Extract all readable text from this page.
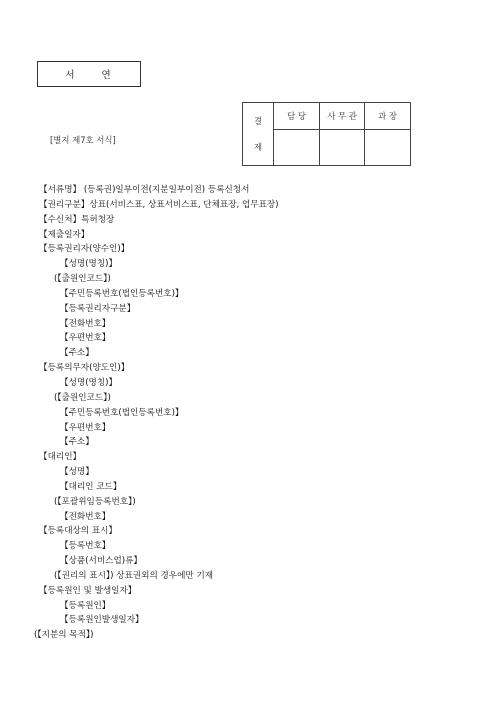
서 연
[별지 제7호 서식]
결
제	담 당	사 무 관	과 장

【서류명】 (등록권)일부이전(지분일부이전) 등록신청서
【권리구분】상표(서비스표, 상표서비스표, 단체표장, 업무표장)
【수신처】특허청장
【제출일자】
【등록권리자(양수인)】
【성명(명칭)】
(【출원인코드】)
【주민등록번호(법인등록번호)】
【등록권리자구분】
【전화번호】
【우편번호】
【주소】
【등록의무자(양도인)】
【성명(명칭)】
(【출원인코드】)
【주민등록번호(법인등록번호)】
【우편번호】
【주소】
【대리인】
【성명】
【대리인 코드】
(【포괄위임등록번호】)
【전화번호】
【등록대상의 표시】
【등록번호】
【상품(서비스업)류】
(【권리의 표시】) 상표권외의 경우에만 기재
【등록원인 및 발생일자】
【등록원인】
【등록원인발생일자】
(【지분의 목적】)
